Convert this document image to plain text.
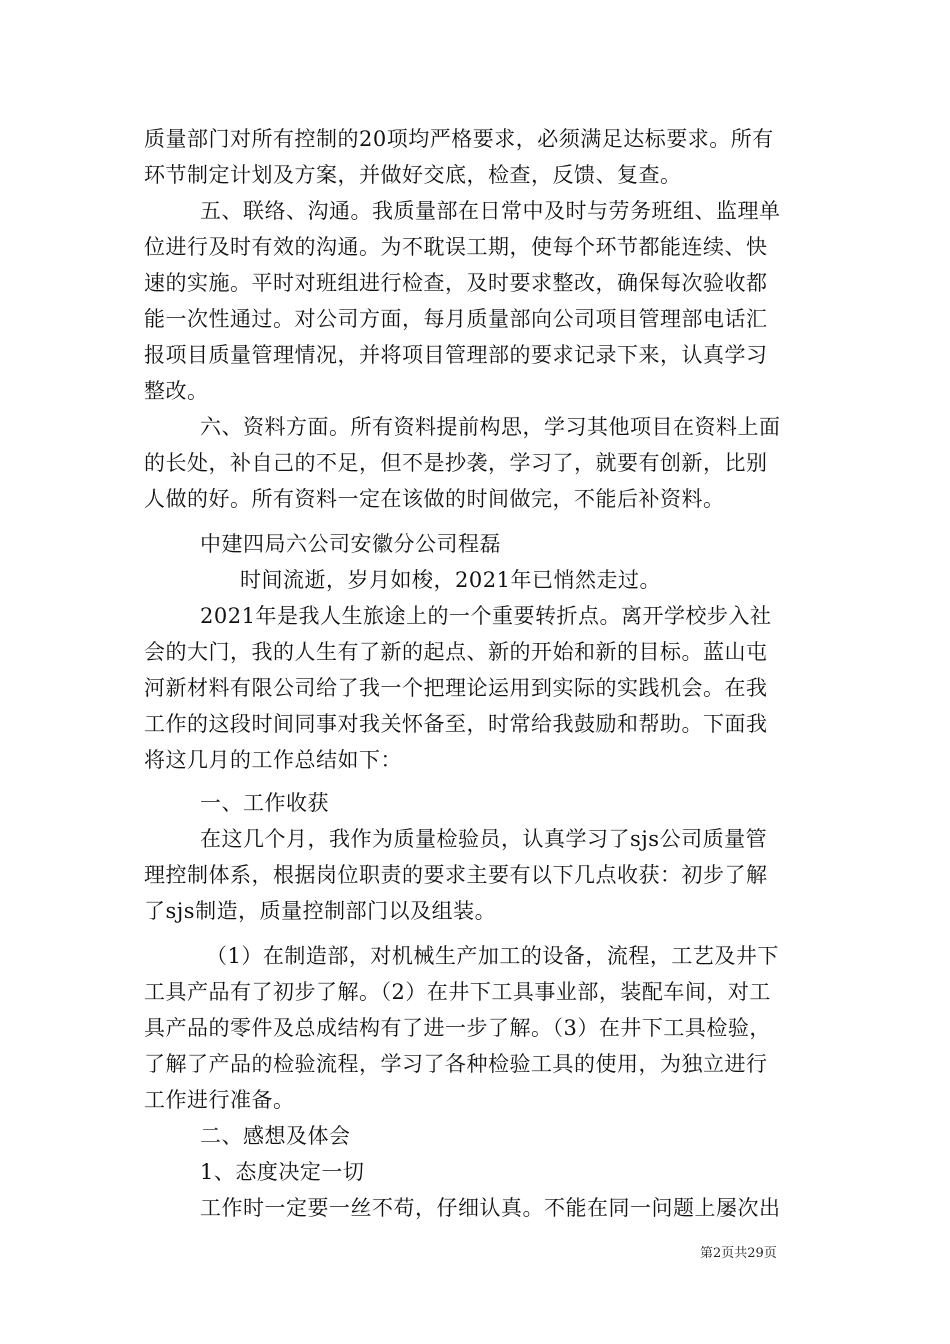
质量部门对所有控制的20项均严格要求，必须满足达标要求。所有
环节制定计划及方案，并做好交底，检查，反馈、复查。
五、联络、沟通。我质量部在日常中及时与劳务班组、监理单
位进行及时有效的沟通。为不耽误工期，使每个环节都能连续、快
速的实施。平时对班组进行检查，及时要求整改，确保每次验收都
能一次性通过。对公司方面，每月质量部向公司项目管理部电话汇
报项目质量管理情况，并将项目管理部的要求记录下来，认真学习
整改。
六、资料方面。所有资料提前构思，学习其他项目在资料上面
的长处，补自己的不足，但不是抄袭，学习了，就要有创新，比别
人做的好。所有资料一定在该做的时间做完，不能后补资料。
中建四局六公司安徽分公司程磊
时间流逝，岁月如梭，2021年已悄然走过。
2021年是我人生旅途上的一个重要转折点。离开学校步入社
会的大门，我的人生有了新的起点、新的开始和新的目标。蓝山屯
河新材料有限公司给了我一个把理论运用到实际的实践机会。在我
工作的这段时间同事对我关怀备至，时常给我鼓励和帮助。下面我
将这几月的工作总结如下：
一、工作收获
在这几个月，我作为质量检验员，认真学习了sjs公司质量管
理控制体系，根据岗位职责的要求主要有以下几点收获：初步了解
了sjs制造，质量控制部门以及组装。
（1）在制造部，对机械生产加工的设备，流程，工艺及井下
工具产品有了初步了解。（2）在井下工具事业部，装配车间，对工
具产品的零件及总成结构有了进一步了解。（3）在井下工具检验，
了解了产品的检验流程，学习了各种检验工具的使用，为独立进行
工作进行准备。
二、感想及体会
1、态度决定一切
工作时一定要一丝不苟，仔细认真。不能在同一问题上屡次出
第2页共29页
